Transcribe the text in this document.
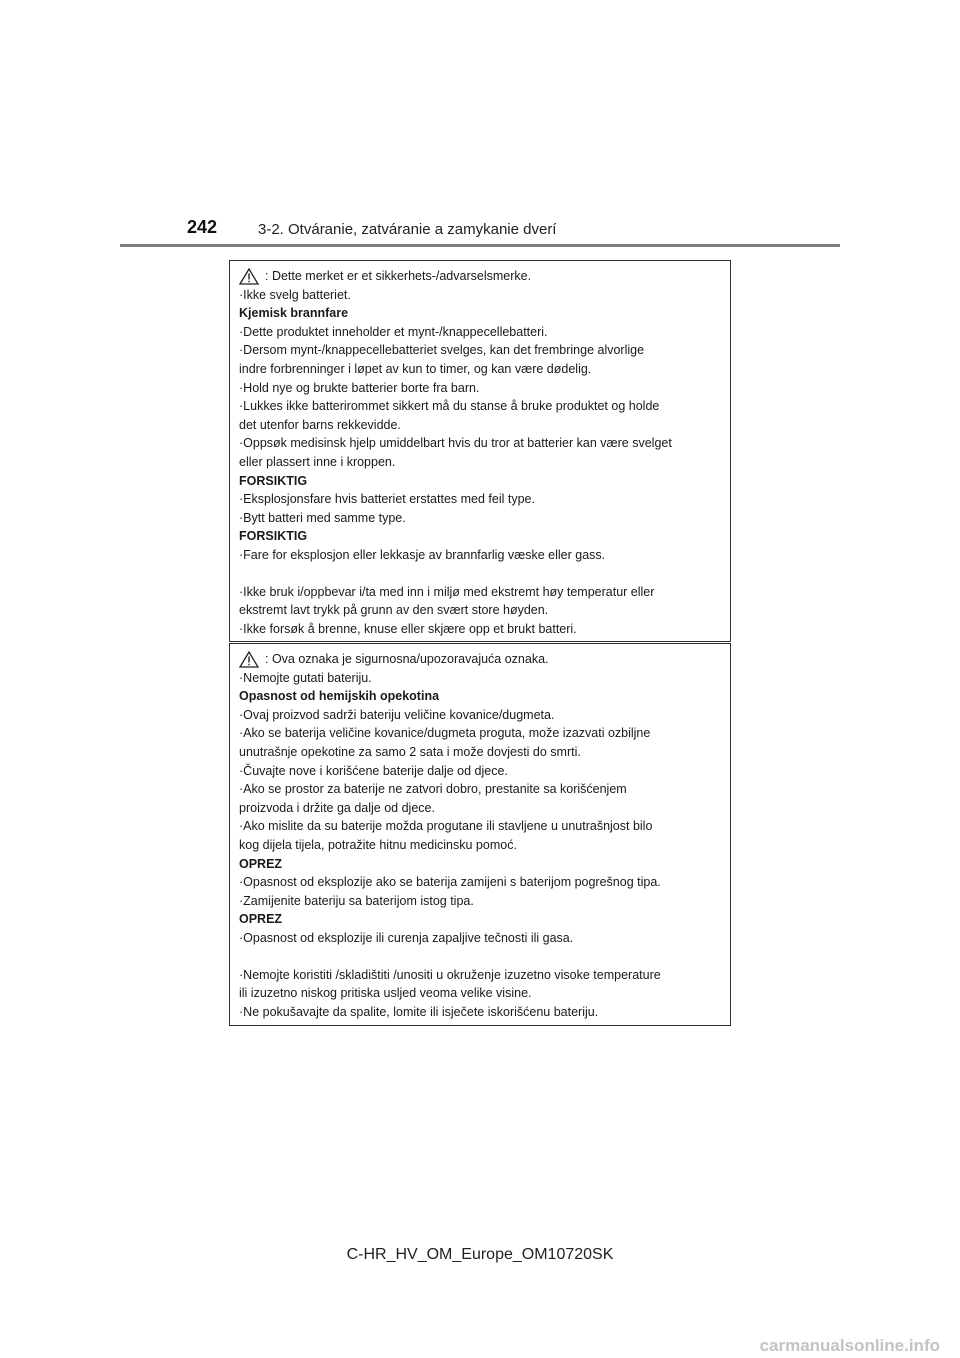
242	3-2. Otváranie, zatváranie a zamykanie dverí
: Dette merket er et sikkerhets-/advarselsmerke.
·Ikke svelg batteriet.
Kjemisk brannfare
·Dette produktet inneholder et mynt-/knappecellebatteri.
·Dersom mynt-/knappecellebatteriet svelges, kan det frembringe alvorlige
indre forbrenninger i løpet av kun to timer, og kan være dødelig.
·Hold nye og brukte batterier borte fra barn.
·Lukkes ikke batterirommet sikkert må du stanse å bruke produktet og holde
det utenfor barns rekkevidde.
·Oppsøk medisinsk hjelp umiddelbart hvis du tror at batterier kan være svelget
eller plassert inne i kroppen.
FORSIKTIG
·Eksplosjonsfare hvis batteriet erstattes med feil type.
·Bytt batteri med samme type.
FORSIKTIG
·Fare for eksplosjon eller lekkasje av brannfarlig væske eller gass.
·Ikke bruk i/oppbevar i/ta med inn i miljø med ekstremt høy temperatur eller
ekstremt lavt trykk på grunn av den svært store høyden.
·Ikke forsøk å brenne, knuse eller skjære opp et brukt batteri.
: Ova oznaka je sigurnosna/upozoravajuća oznaka.
·Nemojte gutati bateriju.
Opasnost od hemijskih opekotina
·Ovaj proizvod sadrži bateriju veličine kovanice/dugmeta.
·Ako se baterija veličine kovanice/dugmeta proguta, može izazvati ozbiljne
unutrašnje opekotine za samo 2 sata i može dovjesti do smrti.
·Čuvajte nove i korišćene baterije dalje od djece.
·Ako se prostor za baterije ne zatvori dobro, prestanite sa korišćenjem
proizvoda i držite ga dalje od djece.
·Ako mislite da su baterije možda progutane ili stavljene u unutrašnjost bilo
kog dijela tijela, potražite hitnu medicinsku pomoć.
OPREZ
·Opasnost od eksplozije ako se baterija zamijeni s baterijom pogrešnog tipa.
·Zamijenite bateriju sa baterijom istog tipa.
OPREZ
·Opasnost od eksplozije ili curenja zapaljive tečnosti ili gasa.
·Nemojte koristiti /skladištiti /unositi u okruženje izuzetno visoke temperature
ili izuzetno niskog pritiska usljed veoma velike visine.
·Ne pokušavajte da spalite, lomite ili isječete iskorišćenu bateriju.
C-HR_HV_OM_Europe_OM10720SK
carmanualsonline.info
